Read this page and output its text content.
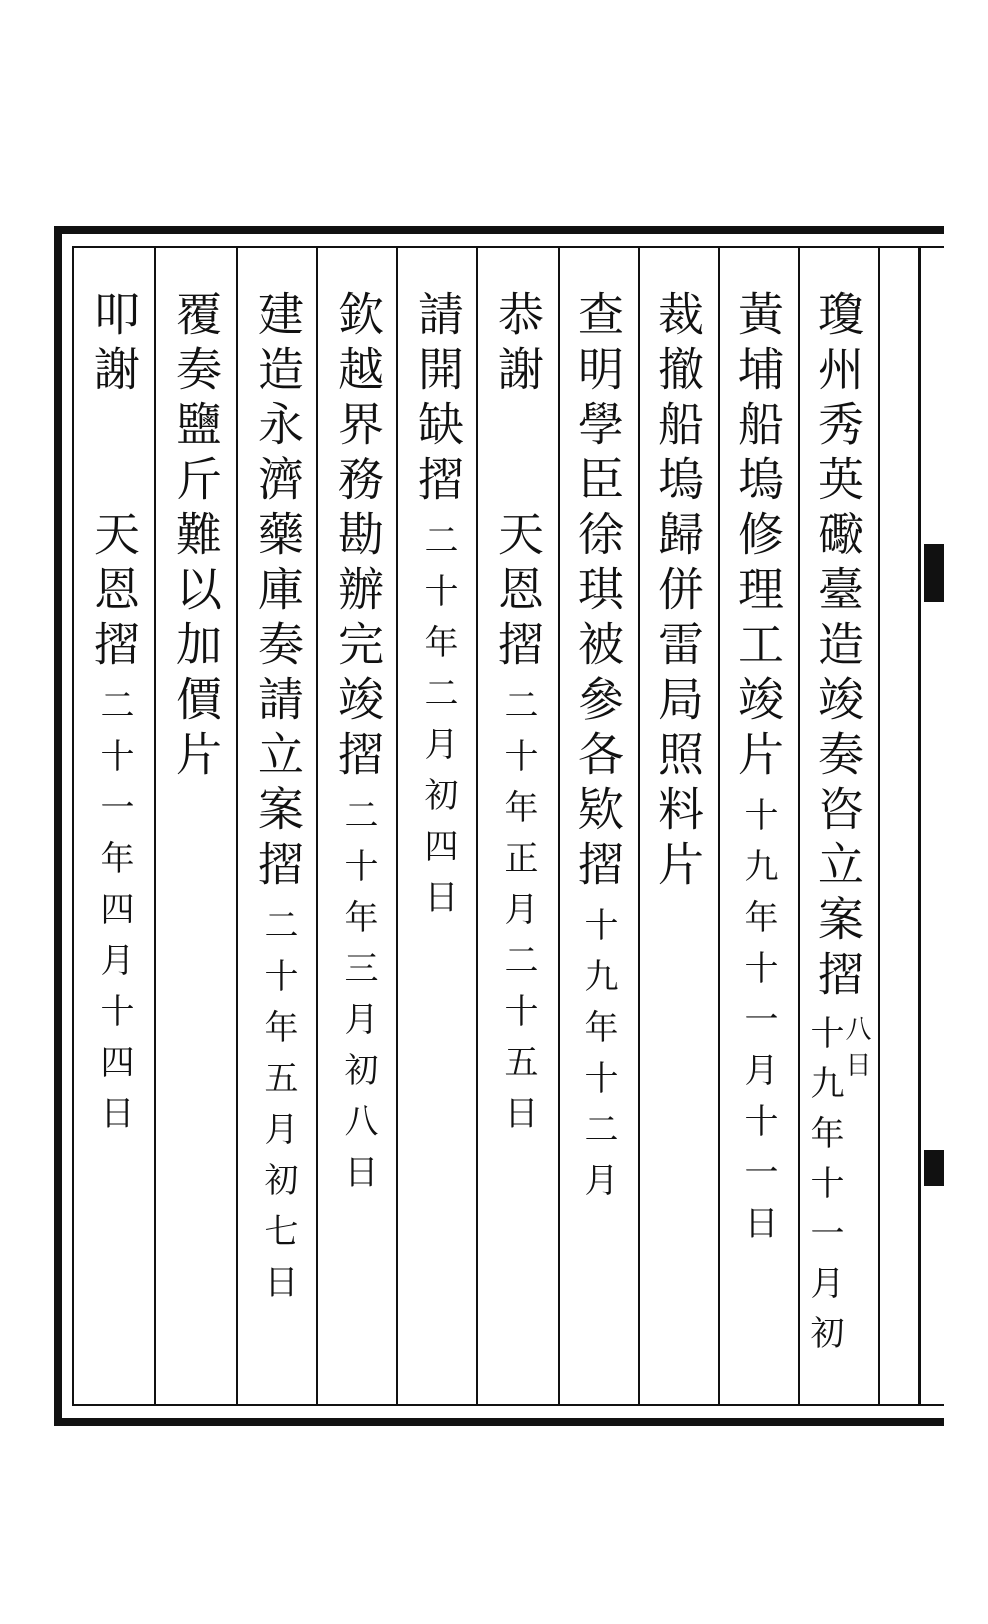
瓊州秀英礮臺造竣奏咨立案摺
十九年十一月初
八日
黃埔船塢修理工竣片
十九年十一月十一日
裁撤船塢歸併雷局照料片
查明學臣徐琪被參各欵摺
十九年十二月
恭謝
天恩摺
二十年正月二十五日
請開缺摺
二十年二月初四日
欽越界務勘辦完竣摺
二十年三月初八日
建造永濟藥庫奏請立案摺
二十年五月初七日
覆奏鹽斤難以加價片
叩謝
天恩摺
二十一年四月十四日
